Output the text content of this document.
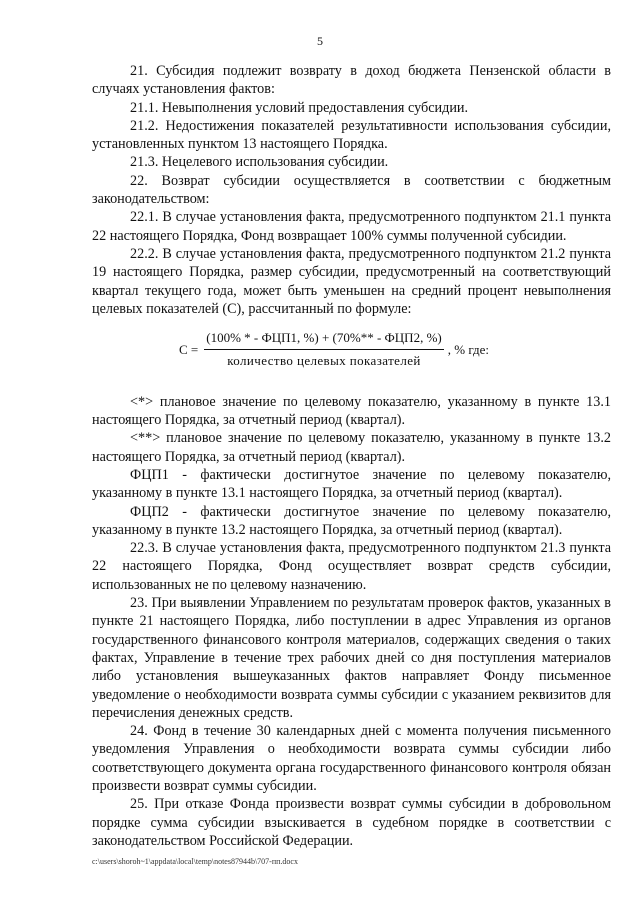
5

21. Субсидия подлежит возврату в доход бюджета Пензенской области в случаях установления фактов:

21.1. Невыполнения условий предоставления субсидии.

21.2. Недостижения показателей результативности использования субсидии, установленных пунктом 13 настоящего Порядка.

21.3. Нецелевого использования субсидии.

22. Возврат субсидии осуществляется в соответствии с бюджетным законодательством:

22.1. В случае установления факта, предусмотренного подпунктом 21.1 пункта 22 настоящего Порядка, Фонд возвращает 100% суммы полученной субсидии.

22.2. В случае установления факта, предусмотренного подпунктом 21.2 пункта 19 настоящего Порядка, размер субсидии, предусмотренный на соответствующий квартал текущего года, может быть уменьшен на средний процент невыполнения целевых показателей (С), рассчитанный по формуле:

$С = \frac{\text{(100\% * - ФЦП1, \%) + (70\%** - ФЦП2, \%)}}{\text{количество целевых показателей}}$ , % где:

<*> плановое значение по целевому показателю, указанному в пункте 13.1 настоящего Порядка, за отчетный период (квартал).

<**> плановое значение по целевому показателю, указанному в пункте 13.2 настоящего Порядка, за отчетный период (квартал).

ФЦП1 - фактически достигнутое значение по целевому показателю, указанному в пункте 13.1 настоящего Порядка, за отчетный период (квартал).

ФЦП2 - фактически достигнутое значение по целевому показателю, указанному в пункте 13.2 настоящего Порядка, за отчетный период (квартал).

22.3. В случае установления факта, предусмотренного подпунктом 21.3 пункта 22 настоящего Порядка, Фонд осуществляет возврат средств субсидии, использованных не по целевому назначению.

23. При выявлении Управлением по результатам проверок фактов, указанных в пункте 21 настоящего Порядка, либо поступлении в адрес Управления из органов государственного финансового контроля материалов, содержащих сведения о таких фактах, Управление в течение трех рабочих дней со дня поступления материалов либо установления вышеуказанных фактов направляет Фонду письменное уведомление о необходимости возврата суммы субсидии с указанием реквизитов для перечисления денежных средств.

24. Фонд в течение 30 календарных дней с момента получения письменного уведомления Управления о необходимости возврата суммы субсидии либо соответствующего документа органа государственного финансового контроля обязан произвести возврат суммы субсидии.

25. При отказе Фонда произвести возврат суммы субсидии в добровольном порядке сумма субсидии взыскивается в судебном порядке в соответствии с законодательством Российской Федерации.

c:\users\shoroh~1\appdata\local\temp\notes87944b\707-пп.docx
